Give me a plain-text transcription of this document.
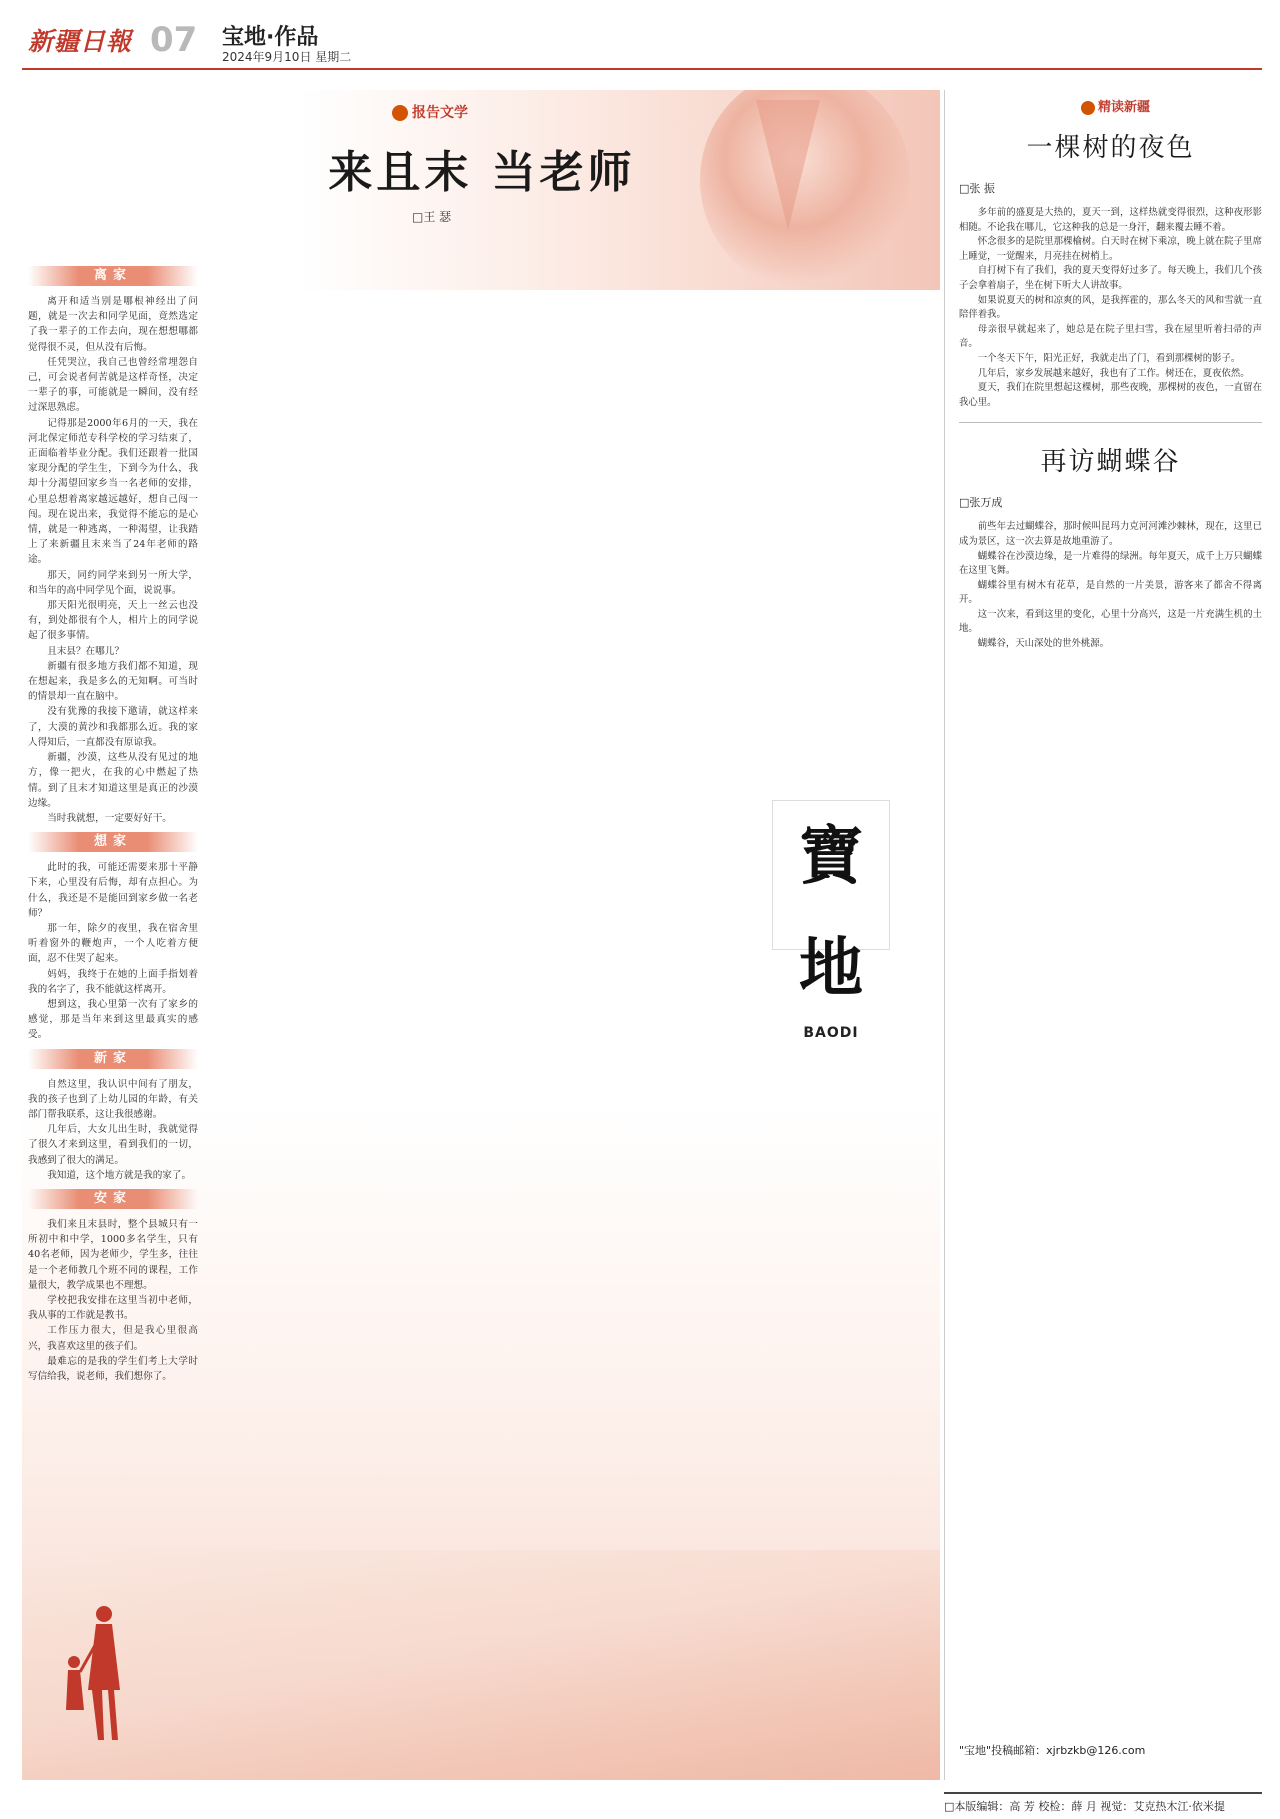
新疆日報 07 宝地·作品
2024年9月10日 星期二
报告文学
来且末 当老师
□王 瑟
离家

离开和适当别是哪根神经出了问题，就是一次去和同学见面，竟然选定了我一辈子的工作去向，现在想想哪都觉得很不灵，但从没有后悔。

任凭哭泣，我自己也曾经常埋怨自己，可会说者何苦就是这样奇怪，决定一辈子的事，可能就是一瞬间，没有经过深思熟虑。

记得那是2000年6月的一天，我在河北保定师范专科学校的学习结束了，正面临着毕业分配。我们还跟着一批国家现分配的学生生，下到今为什么，我却十分渴望回家乡当一名老师的安排，心里总想着离家越远越好，想自己闯一闯。现在说出来，我觉得不能忘的是心情，就是一种逃离，一种渴望，让我踏上了来新疆且末来当了24年老师的路途。

那天，同约同学来到另一所大学，和当年的高中同学见个面，说说事。

那天阳光很明亮，天上一丝云也没有，到处都很有个人，相片上的同学说起了很多事情。

且末县？在哪儿？

新疆有很多地方我们都不知道，现在想起来，我是多么的无知啊。可当时的情景却一直在脑中。

没有犹豫的我接下邀请，就这样来了，大漠的黄沙和我都那么近。我的家人得知后，一直都没有原谅我。

新疆，沙漠，这些从没有见过的地方，像一把火，在我的心中燃起了热情。到了且末才知道这里是真正的沙漠边缘。

当时我就想，一定要好好干。

想家

此时的我，可能还需要来那十平静下来，心里没有后悔，却有点担心。为什么，我还是不是能回到家乡做一名老师？

那一年，除夕的夜里，我在宿舍里听着窗外的鞭炮声，一个人吃着方便面，忍不住哭了起来。

妈妈，我终于在她的上面手指划着我的名字了，我不能就这样离开。

想到这，我心里第一次有了家乡的感觉，那是当年来到这里最真实的感受。

新家

自然这里，我认识中间有了朋友，我的孩子也到了上幼儿园的年龄，有关部门帮我联系，这让我很感谢。

几年后，大女儿出生时，我就觉得了很久才来到这里，看到我们的一切，我感到了很大的满足。

我知道，这个地方就是我的家了。

安家

我们来且末县时，整个县城只有一所初中和中学，1000多名学生，只有40名老师，因为老师少，学生多，往往是一个老师教几个班不同的课程，工作量很大，教学成果也不理想。

学校把我安排在这里当初中老师，我从事的工作就是教书。

工作压力很大，但是我心里很高兴，我喜欢这里的孩子们。

最难忘的是我的学生们考上大学时写信给我，说老师，我们想你了。

寶地
BAODI
精读新疆
一棵树的夜色
□张 振

多年前的盛夏是大热的，夏天一到，这样热就变得很烈，这种夜形影相随。不论我在哪儿，它这种我的总是一身汗，翻来覆去睡不着。

怀念很多的是院里那棵榆树。白天时在树下乘凉，晚上就在院子里席上睡觉，一觉醒来，月亮挂在树梢上。

自打树下有了我们，我的夏天变得好过多了。每天晚上，我们几个孩子会拿着扇子，坐在树下听大人讲故事。

如果说夏天的树和凉爽的风，是我挥霍的，那么冬天的风和雪就一直陪伴着我。

母亲很早就起来了，她总是在院子里扫雪，我在屋里听着扫帚的声音。

一个冬天下午，阳光正好，我就走出了门，看到那棵树的影子。

几年后，家乡发展越来越好，我也有了工作。树还在，夏夜依然。

夏天，我们在院里想起这棵树，那些夜晚，那棵树的夜色，一直留在我心里。

再访蝴蝶谷
□张万成

前些年去过蝴蝶谷，那时候叫昆玛力克河河滩沙棘林，现在，这里已成为景区，这一次去算是故地重游了。

蝴蝶谷在沙漠边缘，是一片难得的绿洲。每年夏天，成千上万只蝴蝶在这里飞舞。

蝴蝶谷里有树木有花草，是自然的一片美景，游客来了都舍不得离开。

这一次来，看到这里的变化，心里十分高兴，这是一片充满生机的土地。

蝴蝶谷，天山深处的世外桃源。

"宝地"投稿邮箱：xjrbzkb@126.com
□本版编辑：高 芳 校检：薛 月 视觉：艾克热木江·依米提
